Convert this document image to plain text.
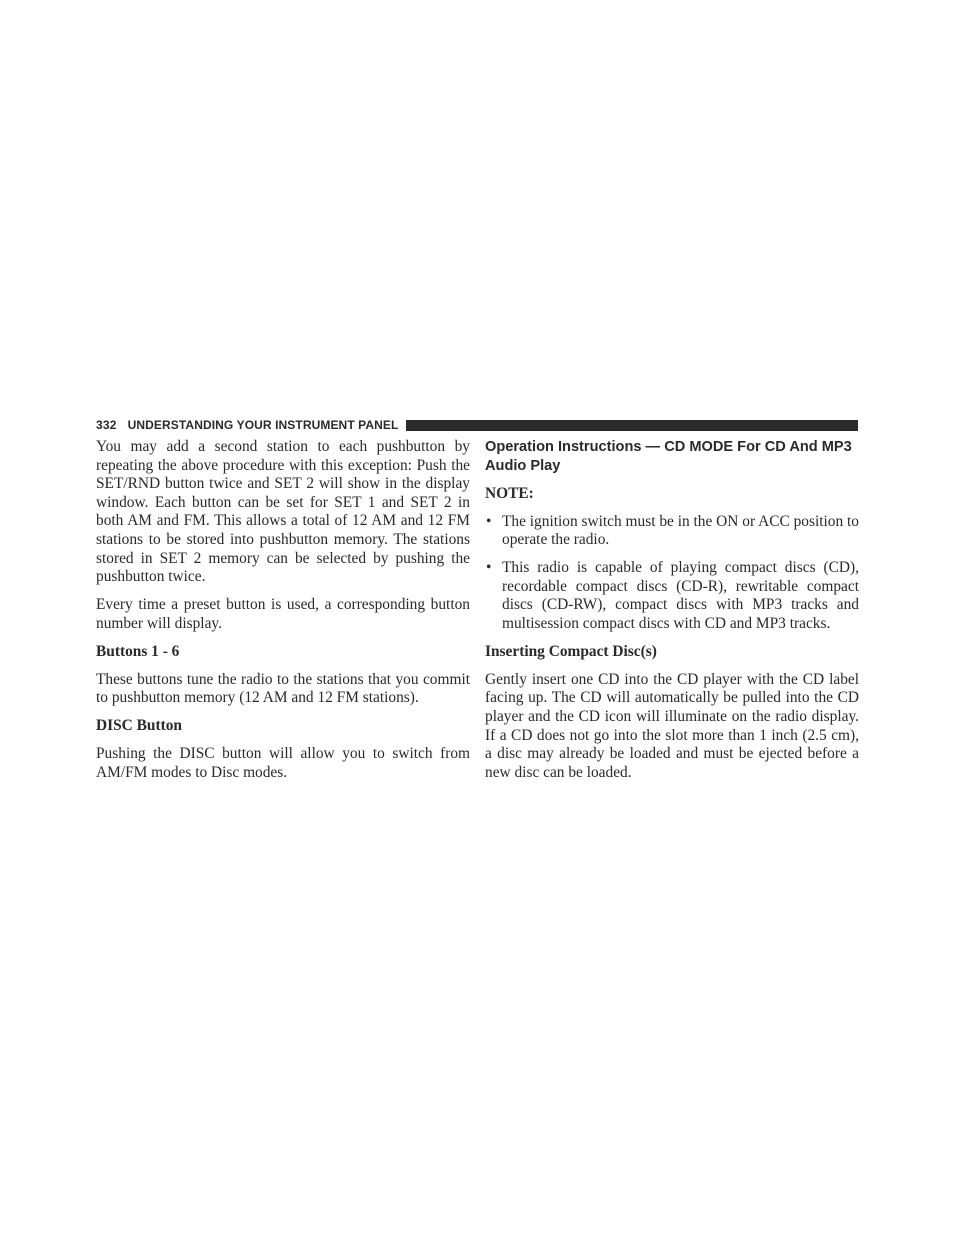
332 UNDERSTANDING YOUR INSTRUMENT PANEL

You may add a second station to each pushbutton by repeating the above procedure with this exception: Push the SET/RND button twice and SET 2 will show in the display window. Each button can be set for SET 1 and SET 2 in both AM and FM. This allows a total of 12 AM and 12 FM stations to be stored into pushbutton memory. The stations stored in SET 2 memory can be selected by pushing the pushbutton twice.

Every time a preset button is used, a corresponding button number will display.

Buttons 1 - 6

These buttons tune the radio to the stations that you commit to pushbutton memory (12 AM and 12 FM stations).

DISC Button

Pushing the DISC button will allow you to switch from AM/FM modes to Disc modes.

Operation Instructions — CD MODE For CD And MP3 Audio Play
NOTE:
• The ignition switch must be in the ON or ACC position to operate the radio.
• This radio is capable of playing compact discs (CD), recordable compact discs (CD-R), rewritable compact discs (CD-RW), compact discs with MP3 tracks and multisession compact discs with CD and MP3 tracks.
Inserting Compact Disc(s)

Gently insert one CD into the CD player with the CD label facing up. The CD will automatically be pulled into the CD player and the CD icon will illuminate on the radio display. If a CD does not go into the slot more than 1 inch (2.5 cm), a disc may already be loaded and must be ejected before a new disc can be loaded.
